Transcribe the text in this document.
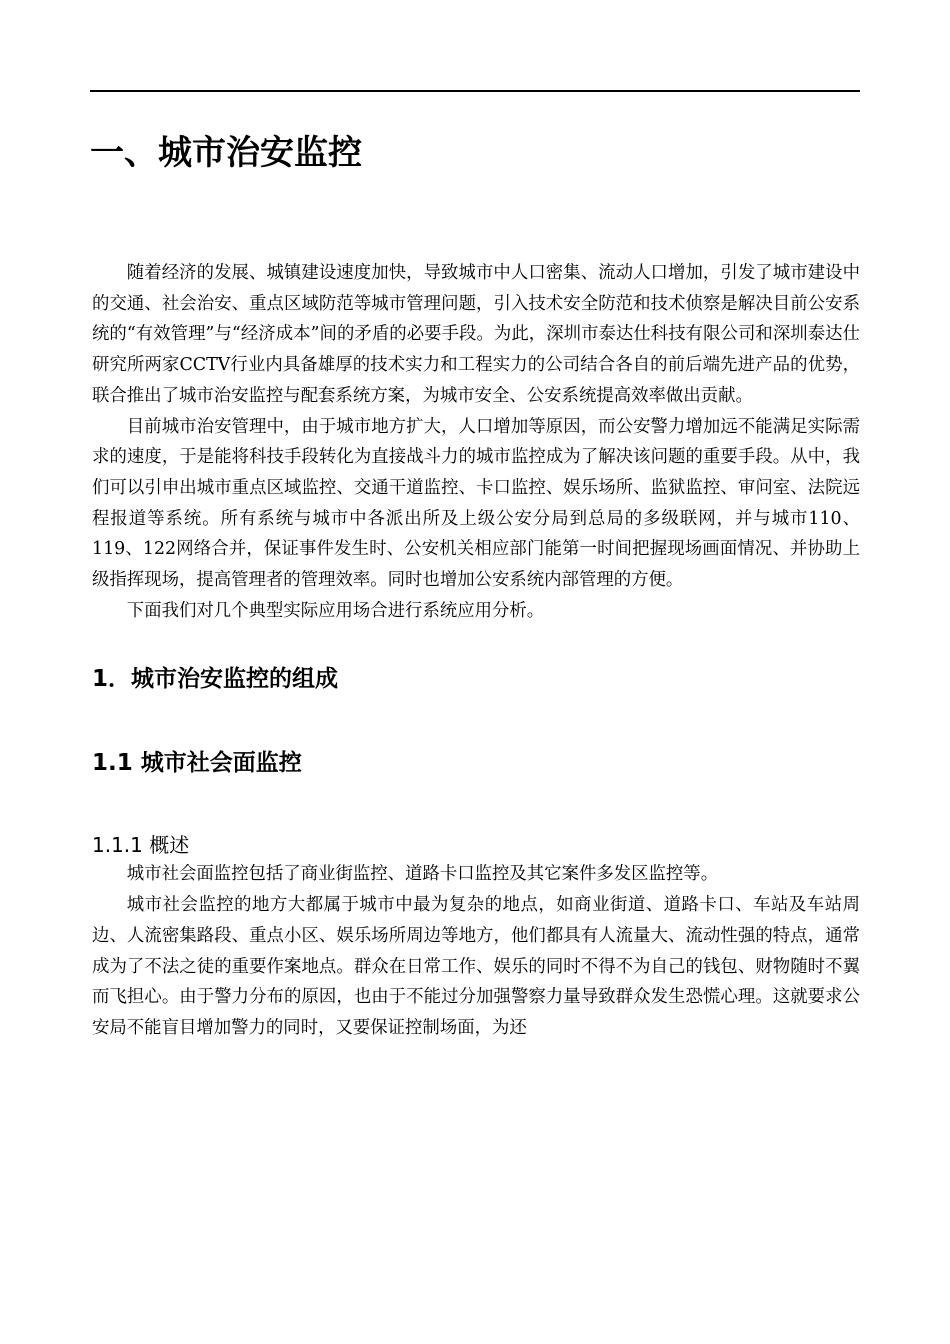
一、城市治安监控

随着经济的发展、城镇建设速度加快，导致城市中人口密集、流动人口增加，引发了城市建设中的交通、社会治安、重点区域防范等城市管理问题，引入技术安全防范和技术侦察是解决目前公安系统的“有效管理”与“经济成本”间的矛盾的必要手段。为此，深圳市泰达仕科技有限公司和深圳泰达仕研究所两家CCTV行业内具备雄厚的技术实力和工程实力的公司结合各自的前后端先进产品的优势，联合推出了城市治安监控与配套系统方案，为城市安全、公安系统提高效率做出贡献。

目前城市治安管理中，由于城市地方扩大，人口增加等原因，而公安警力增加远不能满足实际需求的速度，于是能将科技手段转化为直接战斗力的城市监控成为了解决该问题的重要手段。从中，我们可以引申出城市重点区域监控、交通干道监控、卡口监控、娱乐场所、监狱监控、审问室、法院远程报道等系统。所有系统与城市中各派出所及上级公安分局到总局的多级联网，并与城市110、119、122网络合并，保证事件发生时、公安机关相应部门能第一时间把握现场画面情况、并协助上级指挥现场，提高管理者的管理效率。同时也增加公安系统内部管理的方便。

下面我们对几个典型实际应用场合进行系统应用分析。

1．城市治安监控的组成
1.1 城市社会面监控
1.1.1 概述

城市社会面监控包括了商业街监控、道路卡口监控及其它案件多发区监控等。

城市社会监控的地方大都属于城市中最为复杂的地点，如商业街道、道路卡口、车站及车站周边、人流密集路段、重点小区、娱乐场所周边等地方，他们都具有人流量大、流动性强的特点，通常成为了不法之徒的重要作案地点。群众在日常工作、娱乐的同时不得不为自己的钱包、财物随时不翼而飞担心。由于警力分布的原因，也由于不能过分加强警察力量导致群众发生恐慌心理。这就要求公安局不能盲目增加警力的同时，又要保证控制场面，为还
